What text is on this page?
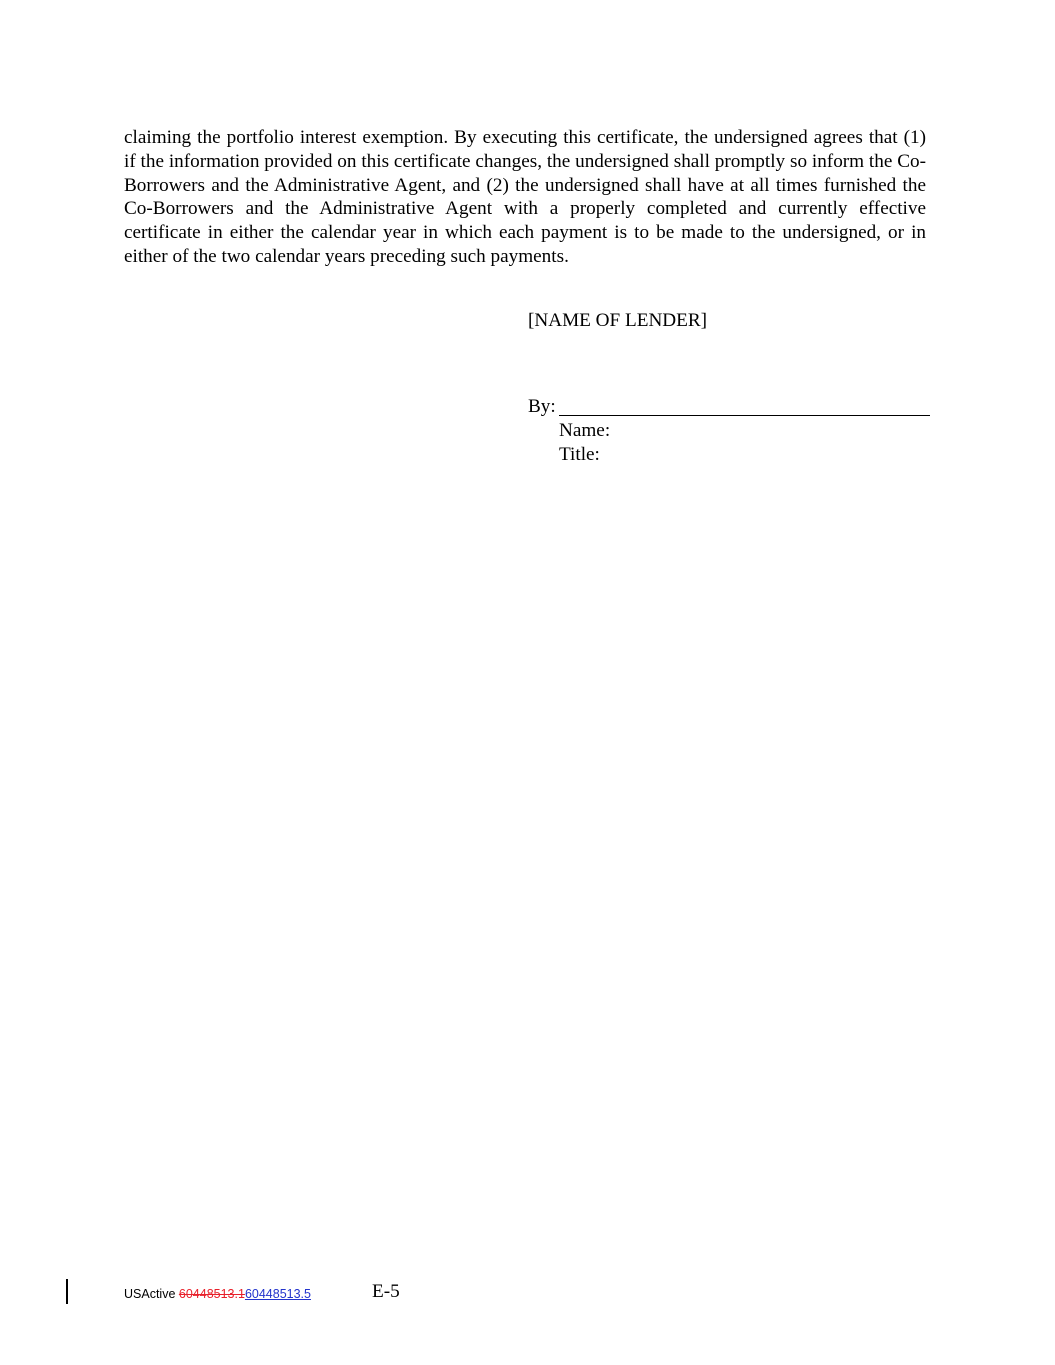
claiming the portfolio interest exemption. By executing this certificate, the undersigned agrees that (1) if the information provided on this certificate changes, the undersigned shall promptly so inform the Co-Borrowers and the Administrative Agent, and (2) the undersigned shall have at all times furnished the Co-Borrowers and the Administrative Agent with a properly completed and currently effective certificate in either the calendar year in which each payment is to be made to the undersigned, or in either of the two calendar years preceding such payments.

[NAME OF LENDER]

By:

Name:

Title:

USActive 60448513.160448513.5	E-5
